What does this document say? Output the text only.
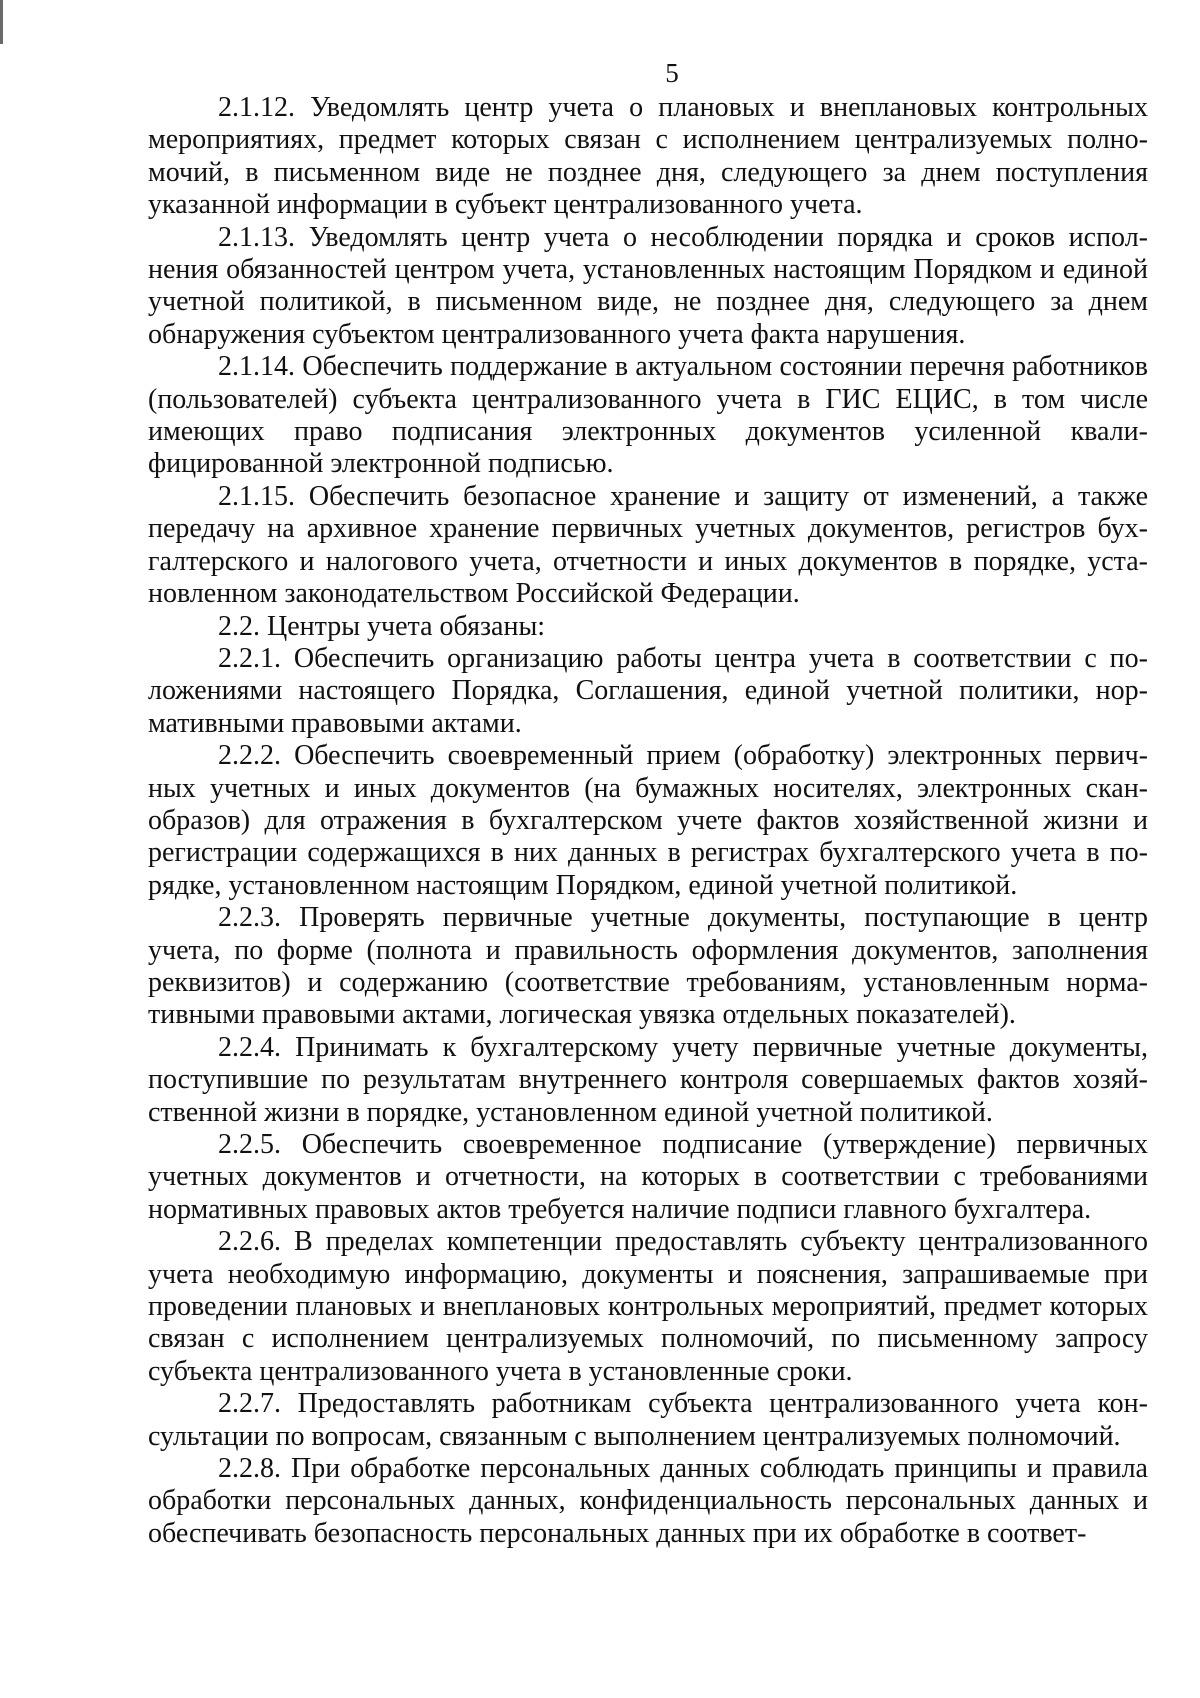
5

2.1.12. Уведомлять центр учета о плановых и внеплановых контрольных мероприятиях, предмет которых связан с исполнением централизуемых полномочий, в письменном виде не позднее дня, следующего за днем поступления указанной информации в субъект централизованного учета.

2.1.13. Уведомлять центр учета о несоблюдении порядка и сроков исполнения обязанностей центром учета, установленных настоящим Порядком и единой учетной политикой, в письменном виде, не позднее дня, следующего за днем обнаружения субъектом централизованного учета факта нарушения.

2.1.14. Обеспечить поддержание в актуальном состоянии перечня работников (пользователей) субъекта централизованного учета в ГИС ЕЦИС, в том числе имеющих право подписания электронных документов усиленной квалифицированной электронной подписью.

2.1.15. Обеспечить безопасное хранение и защиту от изменений, а также передачу на архивное хранение первичных учетных документов, регистров бухгалтерского и налогового учета, отчетности и иных документов в порядке, установленном законодательством Российской Федерации.

2.2. Центры учета обязаны:

2.2.1. Обеспечить организацию работы центра учета в соответствии с положениями настоящего Порядка, Соглашения, единой учетной политики, нормативными правовыми актами.

2.2.2. Обеспечить своевременный прием (обработку) электронных первичных учетных и иных документов (на бумажных носителях, электронных сканобразов) для отражения в бухгалтерском учете фактов хозяйственной жизни и регистрации содержащихся в них данных в регистрах бухгалтерского учета в порядке, установленном настоящим Порядком, единой учетной политикой.

2.2.3. Проверять первичные учетные документы, поступающие в центр учета, по форме (полнота и правильность оформления документов, заполнения реквизитов) и содержанию (соответствие требованиям, установленным нормативными правовыми актами, логическая увязка отдельных показателей).

2.2.4. Принимать к бухгалтерскому учету первичные учетные документы, поступившие по результатам внутреннего контроля совершаемых фактов хозяйственной жизни в порядке, установленном единой учетной политикой.

2.2.5. Обеспечить своевременное подписание (утверждение) первичных учетных документов и отчетности, на которых в соответствии с требованиями нормативных правовых актов требуется наличие подписи главного бухгалтера.

2.2.6. В пределах компетенции предоставлять субъекту централизованного учета необходимую информацию, документы и пояснения, запрашиваемые при проведении плановых и внеплановых контрольных мероприятий, предмет которых связан с исполнением централизуемых полномочий, по письменному запросу субъекта централизованного учета в установленные сроки.

2.2.7. Предоставлять работникам субъекта централизованного учета консультации по вопросам, связанным с выполнением централизуемых полномочий.

2.2.8. При обработке персональных данных соблюдать принципы и правила обработки персональных данных, конфиденциальность персональных данных и обеспечивать безопасность персональных данных при их обработке в соответ-
